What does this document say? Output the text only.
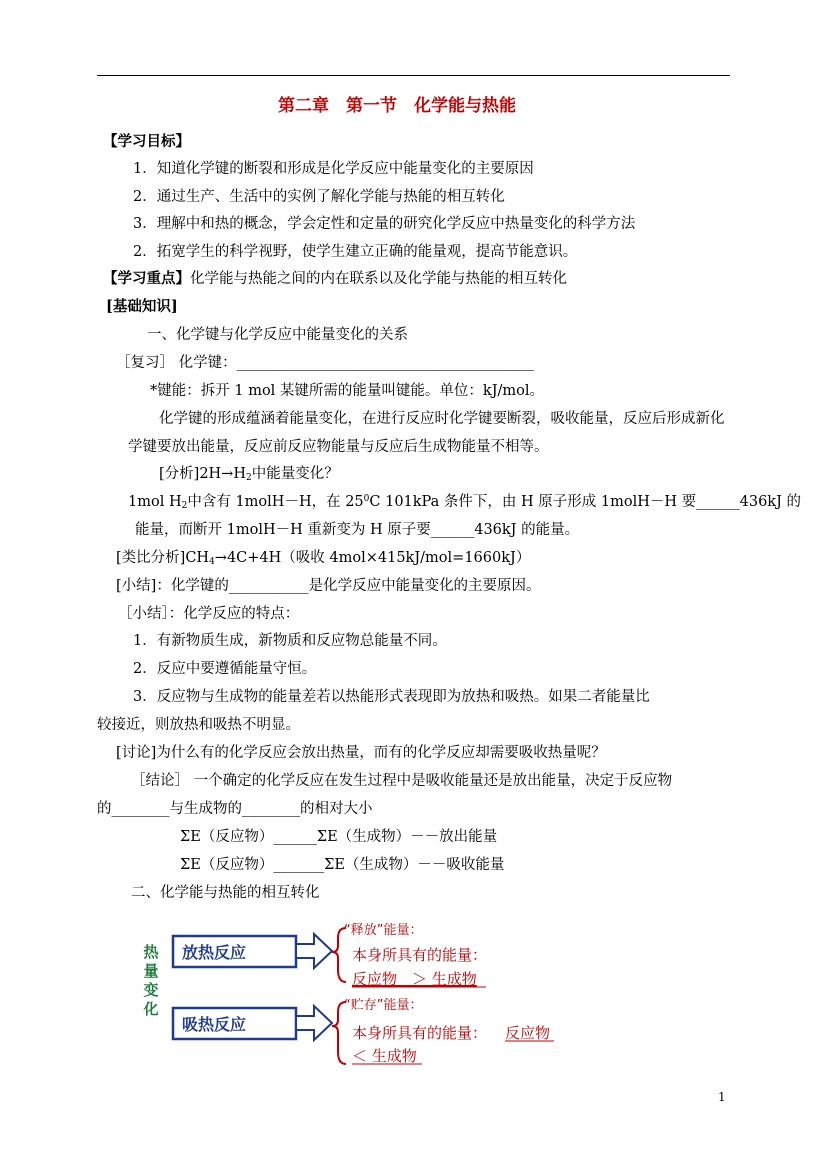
第二章　第一节　化学能与热能
【学习目标】
1．知道化学键的断裂和形成是化学反应中能量变化的主要原因
2．通过生产、生活中的实例了解化学能与热能的相互转化
3．理解中和热的概念，学会定性和定量的研究化学反应中热量变化的科学方法
2．拓宽学生的科学视野，使学生建立正确的能量观，提高节能意识。
【学习重点】化学能与热能之间的内在联系以及化学能与热能的相互转化
[基础知识]
一、化学键与化学反应中能量变化的关系
［复习］ 化学键：_________________________________________
*键能：拆开 1 mol 某键所需的能量叫键能。单位：kJ/mol。
化学键的形成蕴涵着能量变化，在进行反应时化学键要断裂，吸收能量，反应后形成新化
学键要放出能量，反应前反应物能量与反应后生成物能量不相等。
[分析]$2H\to H_2$中能量变化？
1mol $H_2$中含有 1molH－H，在 $25^0C$ 101kPa 条件下，由 H 原子形成 1molH－H 要______436kJ 的
能量，而断开 1molH－H 重新变为 H 原子要______436kJ 的能量。
[类比分析]$CH_4\to 4C+4H$（吸收 4mol×415kJ/mol=1660kJ）
[小结]：化学键的___________是化学反应中能量变化的主要原因。
［小结］：化学反应的特点：
1．有新物质生成，新物质和反应物总能量不同。
2．反应中要遵循能量守恒。
3．反应物与生成物的能量差若以热能形式表现即为放热和吸热。如果二者能量比
较接近，则放热和吸热不明显。
[讨论]为什么有的化学反应会放出热量，而有的化学反应却需要吸收热量呢？
［结论］ 一个确定的化学反应在发生过程中是吸收能量还是放出能量，决定于反应物
的________与生成物的________的相对大小
ΣE（反应物）______ΣE（生成物）－－放出能量
ΣE（反应物）_______ΣE（生成物）－－吸收能量
二、化学能与热能的相互转化
热
量
变
化
放热反应
“释放”能量：
本身所具有的能量：
反应物　＞ 生成物
吸热反应
“贮存”能量：
本身所具有的能量： 反应物
＜ 生成物
1
